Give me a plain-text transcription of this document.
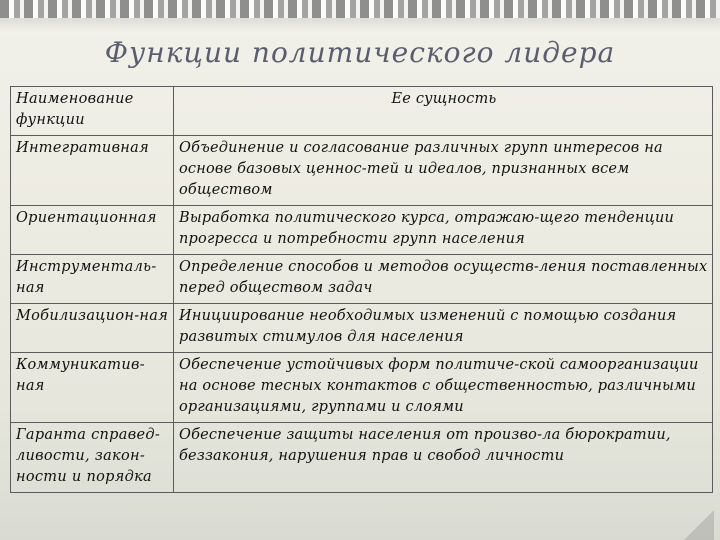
Функции политического лидера
Наименование функции	Ее сущность
Интегративная	Объединение и согласование различных групп интересов на основе базовых ценнос-тей и идеалов, признанных всем обществом
Ориентационная	Выработка политического курса, отражаю-щего тенденции прогресса и потребности групп населения
Инструменталь-ная	Определение способов и методов осуществ-ления поставленных перед обществом задач
Мобилизацион-ная	Инициирование необходимых изменений с помощью создания развитых стимулов для населения
Коммуникатив-ная	Обеспечение устойчивых форм политиче-ской самоорганизации на основе тесных контактов с общественностью, различными организациями, группами и слоями
Гаранта справед-ливости, закон-ности и порядка	Обеспечение защиты населения от произво-ла бюрократии, беззакония, нарушения прав и свобод личности
